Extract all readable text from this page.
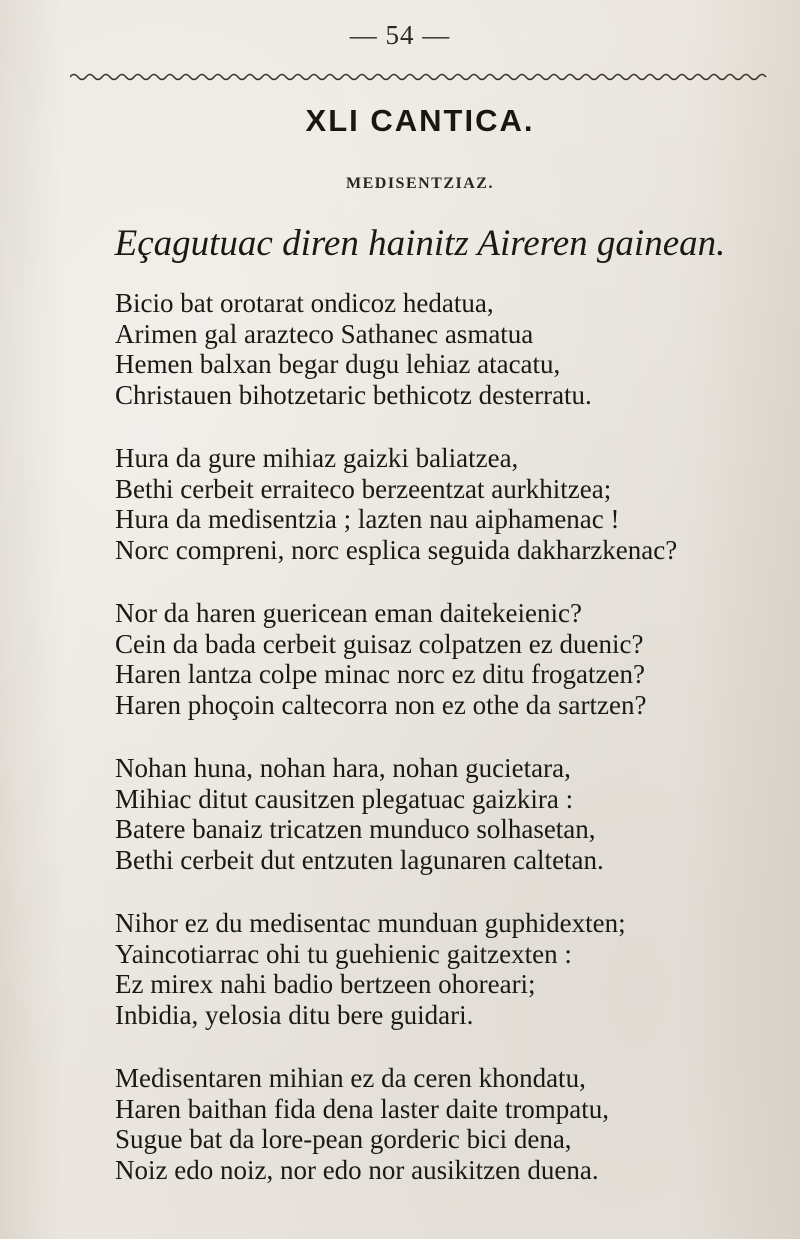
— 54 —
XLI CANTICA.
MEDISENTZIAZ.
Eçagutuac diren hainitz Aireren gainean.
Bicio bat orotarat ondicoz hedatua,
Arimen gal arazteco Sathanec asmatua
Hemen balxan begar dugu lehiaz atacatu,
Christauen bihotzetaric bethicotz desterratu.
Hura da gure mihiaz gaizki baliatzea,
Bethi cerbeit erraiteco berzeentzat aurkhitzea;
Hura da medisentzia ; lazten nau aiphamenac !
Norc compreni, norc esplica seguida dakharzkenac?
Nor da haren guericean eman daitekeienic?
Cein da bada cerbeit guisaz colpatzen ez duenic?
Haren lantza colpe minac norc ez ditu frogatzen?
Haren phoçoin caltecorra non ez othe da sartzen?
Nohan huna, nohan hara, nohan gucietara,
Mihiac ditut causitzen plegatuac gaizkira :
Batere banaiz tricatzen munduco solhasetan,
Bethi cerbeit dut entzuten lagunaren caltetan.
Nihor ez du medisentac munduan guphidexten;
Yaincotiarrac ohi tu guehienic gaitzexten :
Ez mirex nahi badio bertzeen ohoreari;
Inbidia, yelosia ditu bere guidari.
Medisentaren mihian ez da ceren khondatu,
Haren baithan fida dena laster daite trompatu,
Sugue bat da lore-pean gorderic bici dena,
Noiz edo noiz, nor edo nor ausikitzen duena.
